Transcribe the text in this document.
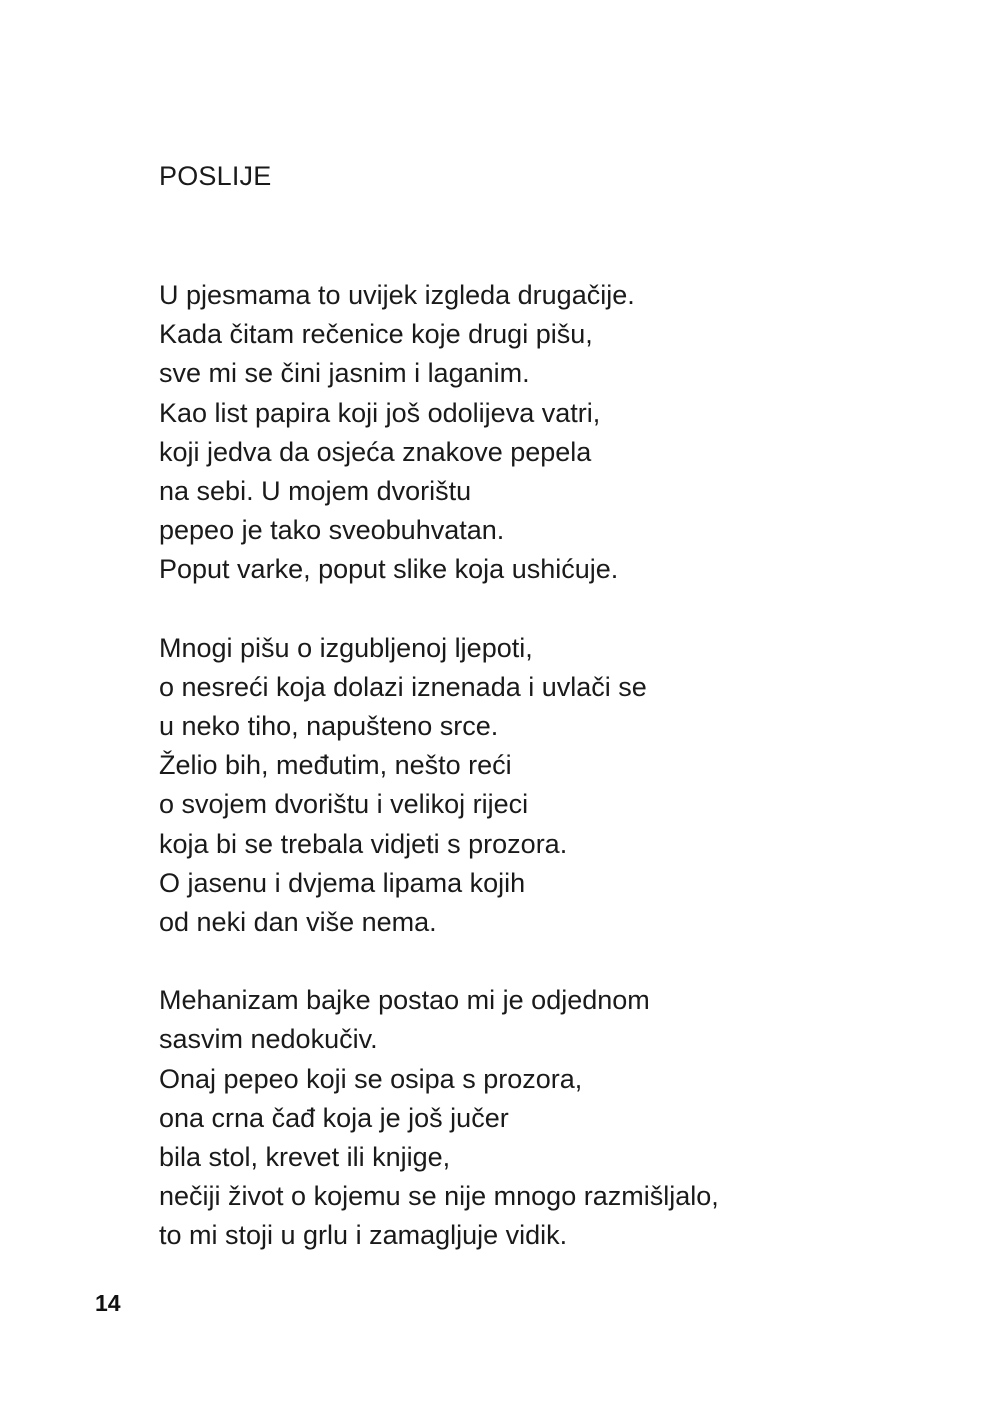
POSLIJE

U pjesmama to uvijek izgleda drugačije.
Kada čitam rečenice koje drugi pišu,
sve mi se čini jasnim i laganim.
Kao list papira koji još odolijeva vatri,
koji jedva da osjeća znakove pepela
na sebi. U mojem dvorištu
pepeo je tako sveobuhvatan.
Poput varke, poput slike koja ushićuje.

Mnogi pišu o izgubljenoj ljepoti,
o nesreći koja dolazi iznenada i uvlači se
u neko tiho, napušteno srce.
Želio bih, međutim, nešto reći
o svojem dvorištu i velikoj rijeci
koja bi se trebala vidjeti s prozora.
O jasenu i dvjema lipama kojih
od neki dan više nema.

Mehanizam bajke postao mi je odjednom
sasvim nedokučiv.
Onaj pepeo koji se osipa s prozora,
ona crna čađ koja je još jučer
bila stol, krevet ili knjige,
nečiji život o kojemu se nije mnogo razmišljalo,
to mi stoji u grlu i zamagljuje vidik.

14
